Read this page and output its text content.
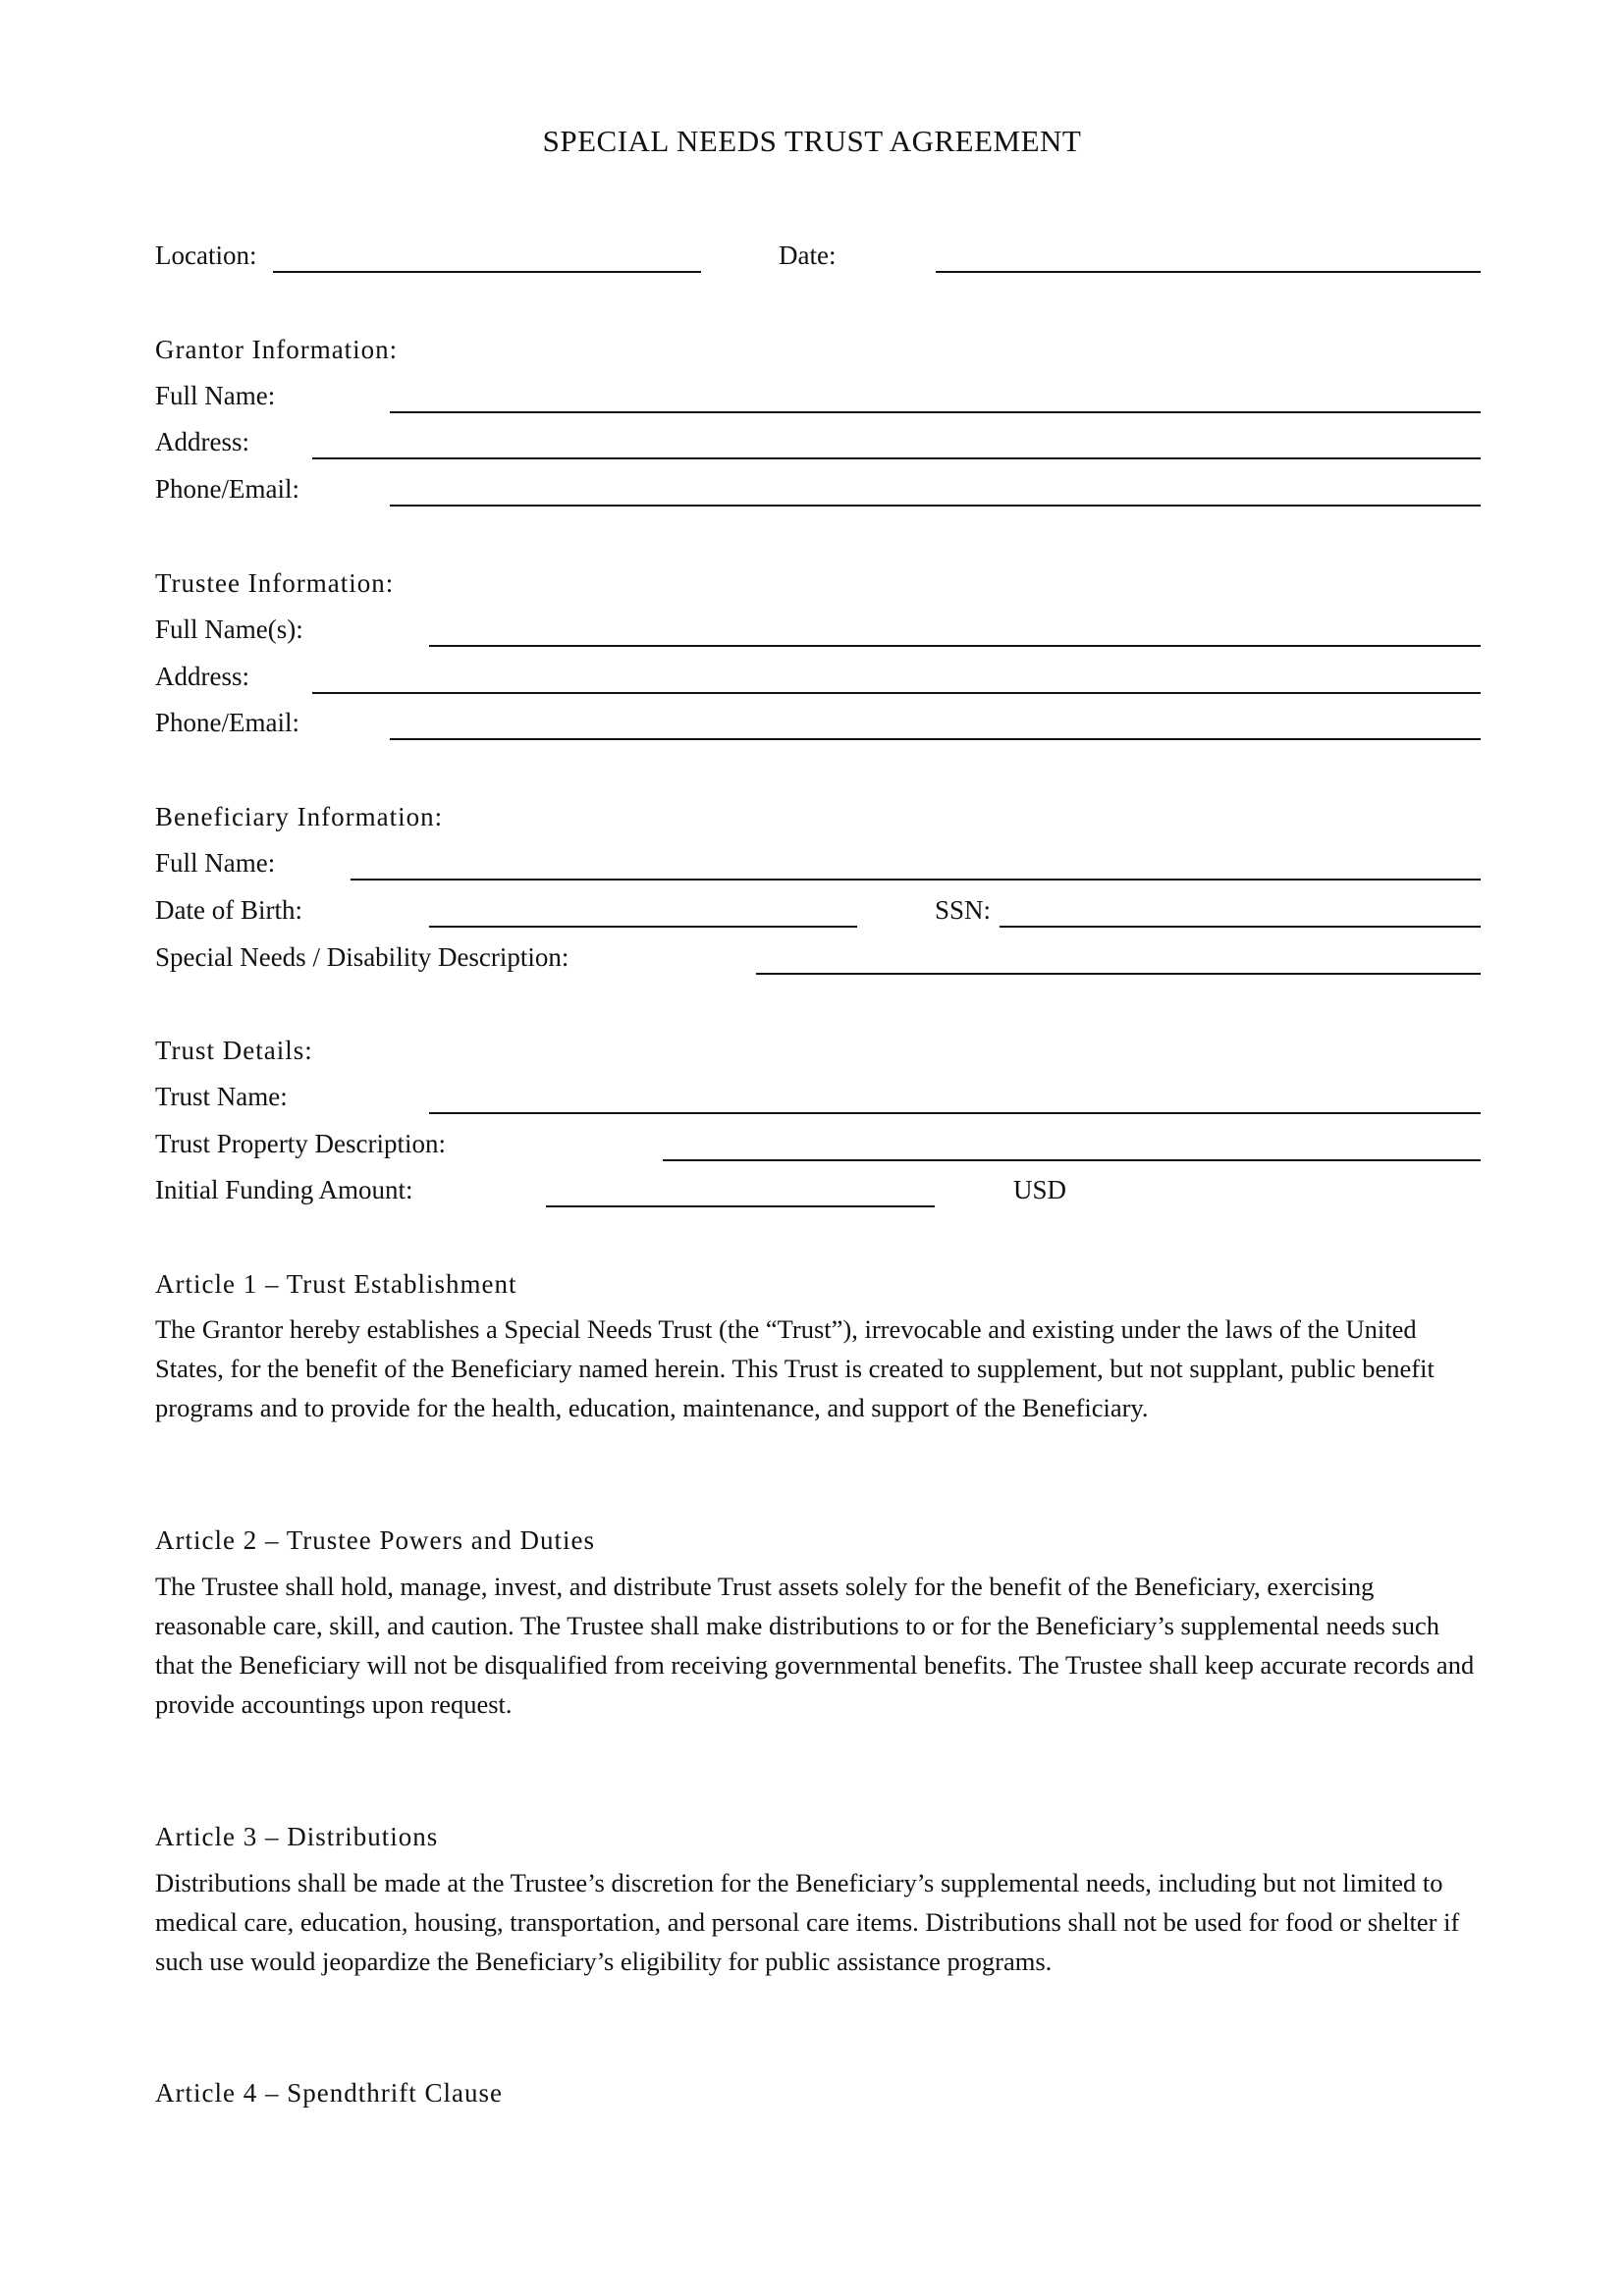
SPECIAL NEEDS TRUST AGREEMENT
Location:	Date:
Grantor Information:
Full Name:
Address:
Phone/Email:
Trustee Information:
Full Name(s):
Address:
Phone/Email:
Beneficiary Information:
Full Name:
Date of Birth:	SSN:
Special Needs / Disability Description:
Trust Details:
Trust Name:
Trust Property Description:
Initial Funding Amount:	USD
Article 1 – Trust Establishment
The Grantor hereby establishes a Special Needs Trust (the “Trust”), irrevocable and existing under the laws of the United States, for the benefit of the Beneficiary named herein. This Trust is created to supplement, but not supplant, public benefit programs and to provide for the health, education, maintenance, and support of the Beneficiary.
Article 2 – Trustee Powers and Duties
The Trustee shall hold, manage, invest, and distribute Trust assets solely for the benefit of the Beneficiary, exercising reasonable care, skill, and caution. The Trustee shall make distributions to or for the Beneficiary’s supplemental needs such that the Beneficiary will not be disqualified from receiving governmental benefits. The Trustee shall keep accurate records and provide accountings upon request.
Article 3 – Distributions
Distributions shall be made at the Trustee’s discretion for the Beneficiary’s supplemental needs, including but not limited to medical care, education, housing, transportation, and personal care items. Distributions shall not be used for food or shelter if such use would jeopardize the Beneficiary’s eligibility for public assistance programs.
Article 4 – Spendthrift Clause
